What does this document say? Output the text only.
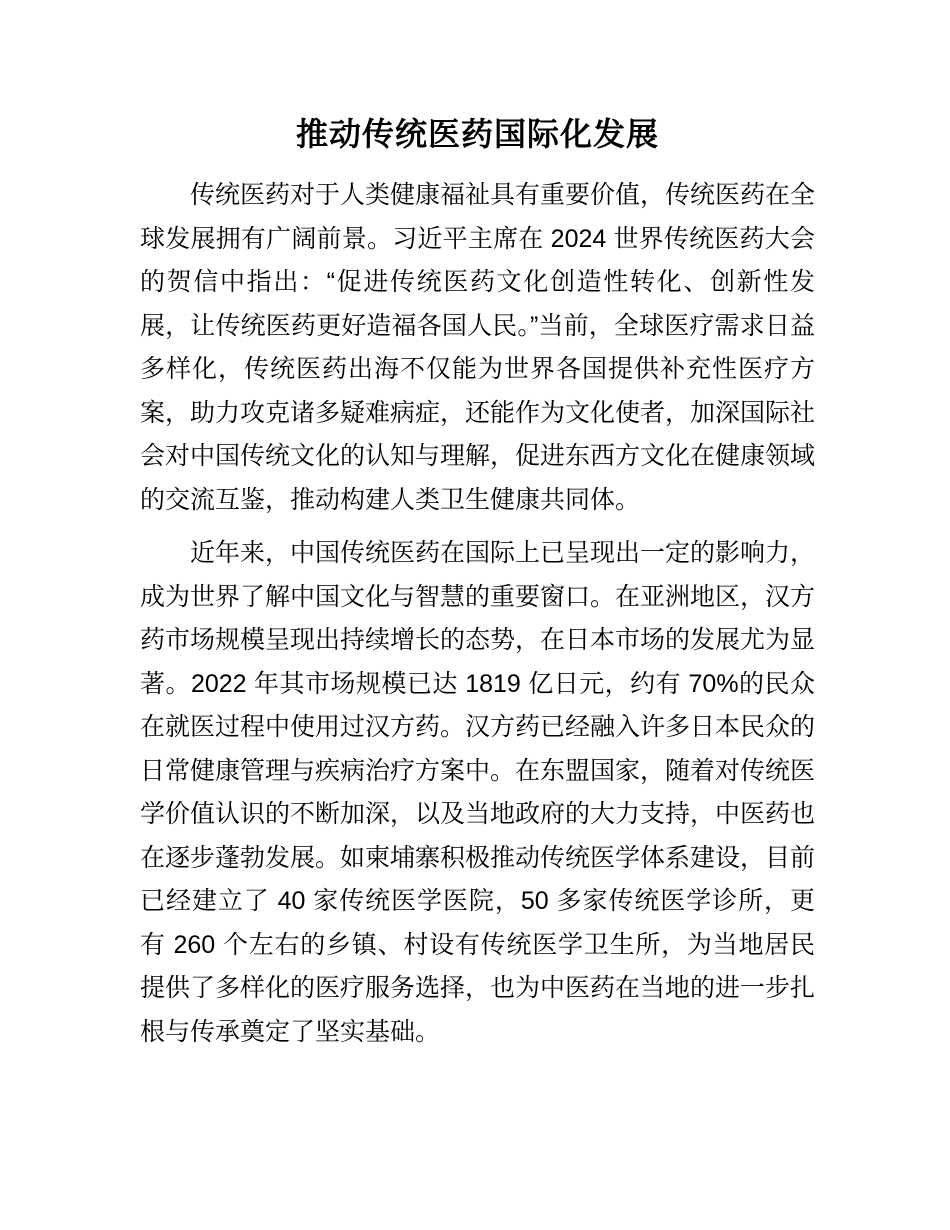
推动传统医药国际化发展

传统医药对于人类健康福祉具有重要价值，传统医药在全球发展拥有广阔前景。习近平主席在 2024 世界传统医药大会的贺信中指出：“促进传统医药文化创造性转化、创新性发展，让传统医药更好造福各国人民。”当前，全球医疗需求日益多样化，传统医药出海不仅能为世界各国提供补充性医疗方案，助力攻克诸多疑难病症，还能作为文化使者，加深国际社会对中国传统文化的认知与理解，促进东西方文化在健康领域的交流互鉴，推动构建人类卫生健康共同体。

近年来，中国传统医药在国际上已呈现出一定的影响力，成为世界了解中国文化与智慧的重要窗口。在亚洲地区，汉方药市场规模呈现出持续增长的态势，在日本市场的发展尤为显著。2022 年其市场规模已达 1819 亿日元，约有 70%的民众在就医过程中使用过汉方药。汉方药已经融入许多日本民众的日常健康管理与疾病治疗方案中。在东盟国家，随着对传统医学价值认识的不断加深，以及当地政府的大力支持，中医药也在逐步蓬勃发展。如柬埔寨积极推动传统医学体系建设，目前已经建立了 40 家传统医学医院，50 多家传统医学诊所，更有 260 个左右的乡镇、村设有传统医学卫生所，为当地居民提供了多样化的医疗服务选择，也为中医药在当地的进一步扎根与传承奠定了坚实基础。
